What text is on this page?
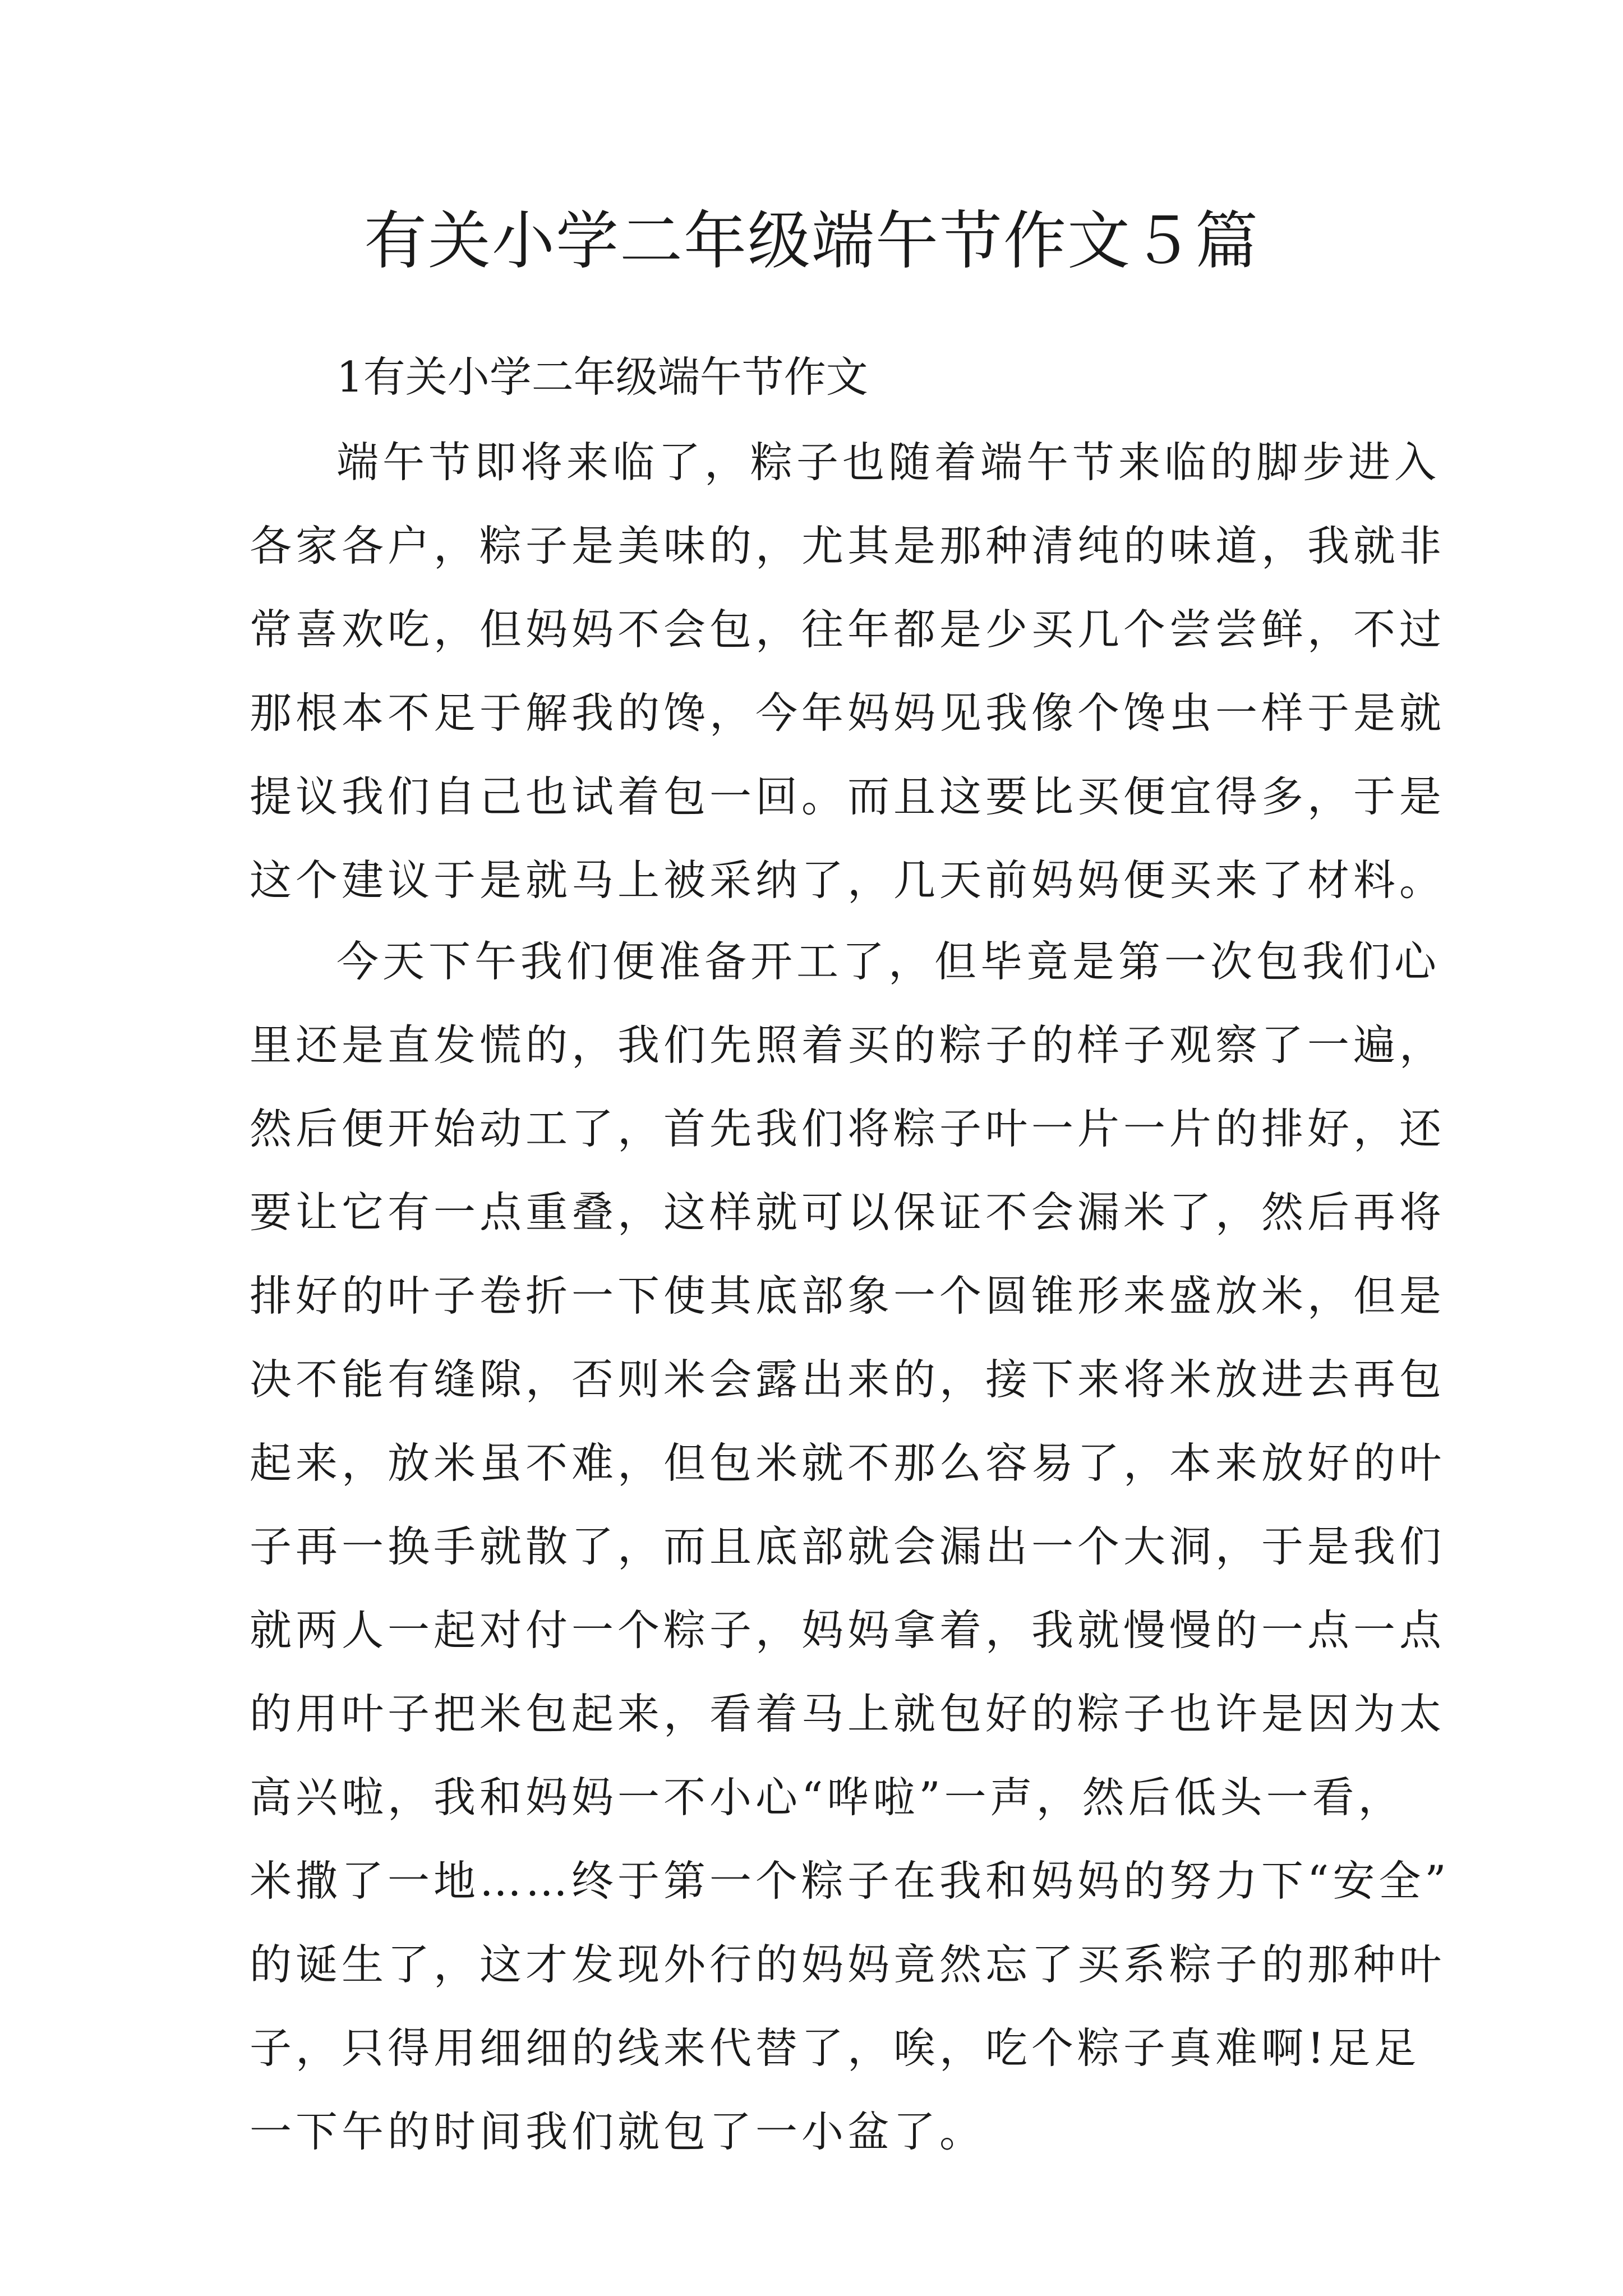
有关小学二年级端午节作文５篇
1有关小学二年级端午节作文

端午节即将来临了，粽子也随着端午节来临的脚步进入
各家各户，粽子是美味的，尤其是那种清纯的味道，我就非
常喜欢吃，但妈妈不会包，往年都是少买几个尝尝鲜，不过
那根本不足于解我的馋，今年妈妈见我像个馋虫一样于是就
提议我们自己也试着包一回。而且这要比买便宜得多，于是
这个建议于是就马上被采纳了，几天前妈妈便买来了材料。

今天下午我们便准备开工了，但毕竟是第一次包我们心
里还是直发慌的，我们先照着买的粽子的样子观察了一遍，
然后便开始动工了，首先我们将粽子叶一片一片的排好，还
要让它有一点重叠，这样就可以保证不会漏米了，然后再将
排好的叶子卷折一下使其底部象一个圆锥形来盛放米，但是
决不能有缝隙，否则米会露出来的，接下来将米放进去再包
起来，放米虽不难，但包米就不那么容易了，本来放好的叶
子再一换手就散了，而且底部就会漏出一个大洞，于是我们
就两人一起对付一个粽子，妈妈拿着，我就慢慢的一点一点
的用叶子把米包起来，看着马上就包好的粽子也许是因为太
高兴啦，我和妈妈一不小心“哗啦”一声，然后低头一看，
米撒了一地……终于第一个粽子在我和妈妈的努力下“安全”
的诞生了，这才发现外行的妈妈竟然忘了买系粽子的那种叶
子，只得用细细的线来代替了，唉，吃个粽子真难啊!足足
一下午的时间我们就包了一小盆了。
